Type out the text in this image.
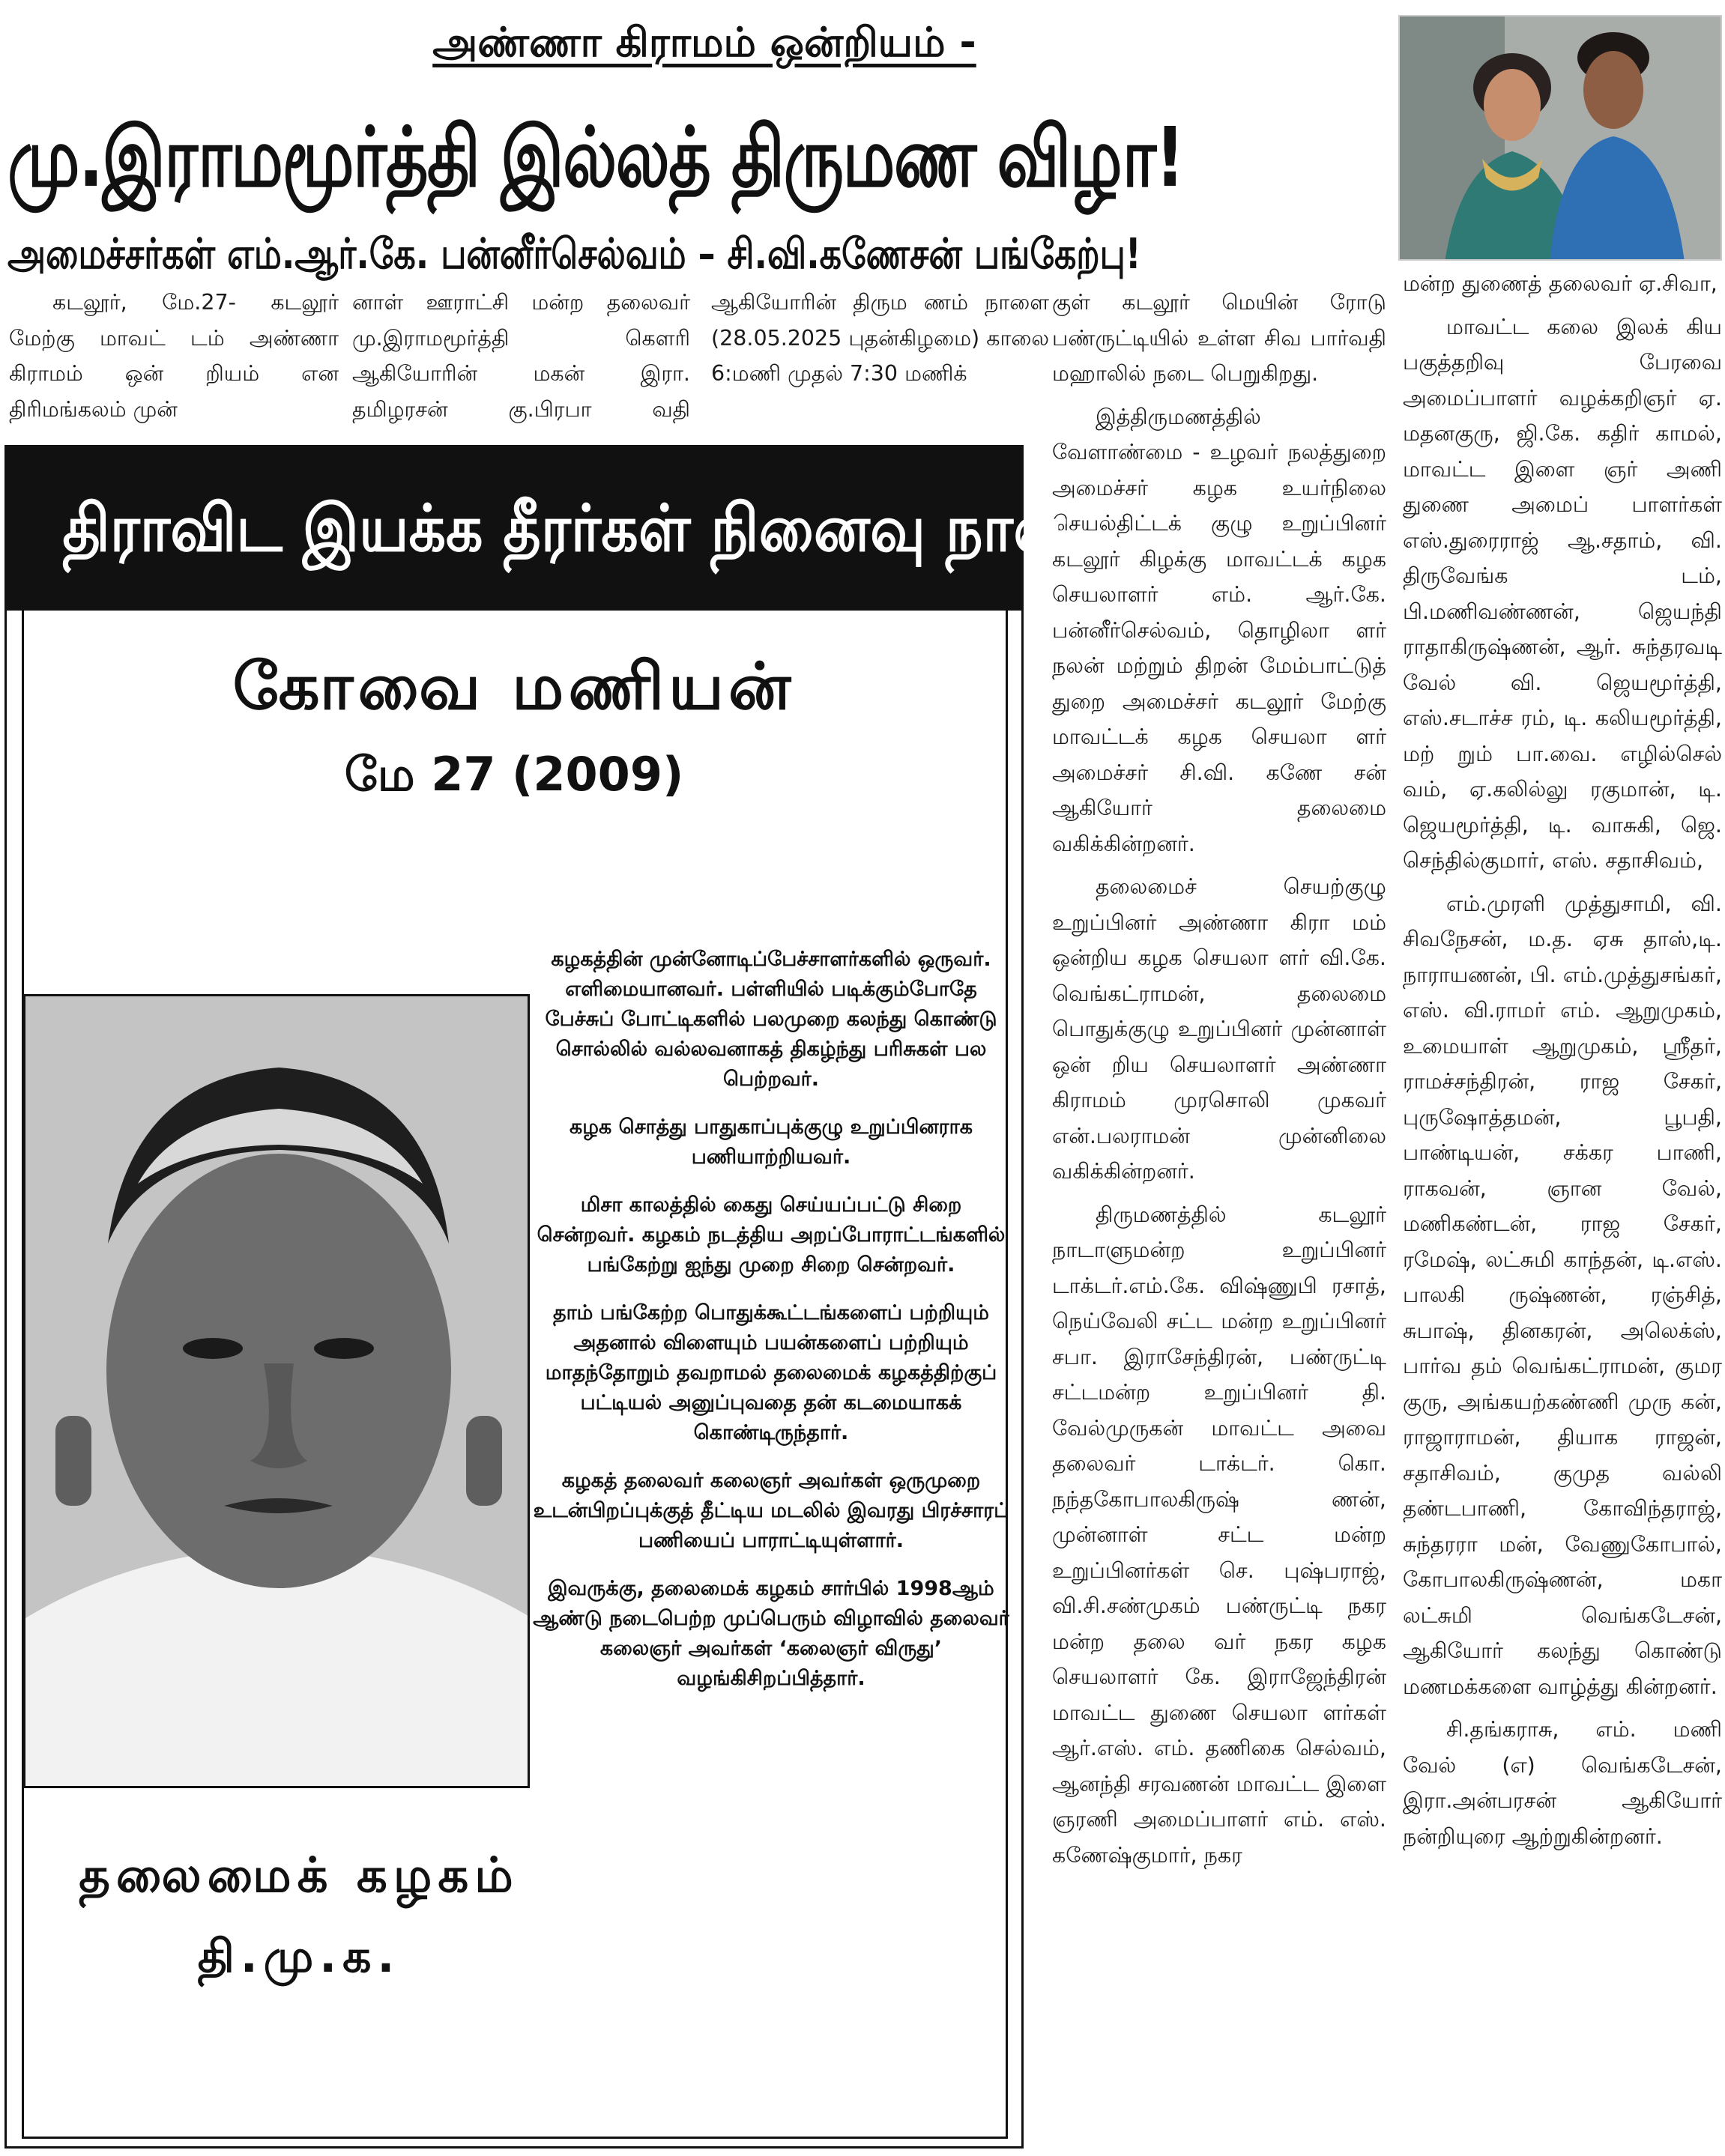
அண்ணா கிராமம் ஒன்றியம் -
மு.இராமமூர்த்தி இல்லத் திருமண விழா!
அமைச்சர்கள் எம்.ஆர்.கே. பன்னீர்செல்வம் – சி.வி.கணேசன் பங்கேற்பு!

கடலூர், மே.27- கடலூர் மேற்கு மாவட் டம் அண்ணா கிராமம் ஒன் றியம் என திரிமங்கலம் முன்

னாள் ஊராட்சி மன்ற தலைவர் மு.இராமமூர்த்தி கௌரி ஆகியோரின் மகன் இரா. தமிழரசன் கு.பிரபா வதி ஆகியோரின் திரும ணம் நாளை (28.05.2025 புதன்கிழமை) காலை 6:மணி முதல் 7:30 மணிக்

குள் கடலூர் மெயின் ரோடு பண்ருட்டியில் உள்ள சிவ பார்வதி மஹாலில் நடை பெறுகிறது.

இத்திருமணத்தில் வேளாண்மை - உழவர் நலத்துறை அமைச்சர் கழக உயர்நிலை செயல்திட்டக் குழு உறுப்பினர் கடலூர் கிழக்கு மாவட்டக் கழக செயலாளர் எம். ஆர்.கே. பன்னீர்செல்வம், தொழிலா ளர் நலன் மற்றும் திறன் மேம்பாட்டுத் துறை அமைச்சர் கடலூர் மேற்கு மாவட்டக் கழக செயலா ளர் அமைச்சர் சி.வி. கணே சன் ஆகியோர் தலைமை வகிக்கின்றனர்.

தலைமைச் செயற்குழு உறுப்பினர் அண்ணா கிரா மம் ஒன்றிய கழக செயலா ளர் வி.கே. வெங்கட்ராமன், தலைமை பொதுக்குழு உறுப்பினர் முன்னாள் ஒன் றிய செயலாளர் அண்ணா கிராமம் முரசொலி முகவர் என்.பலராமன் முன்னிலை வகிக்கின்றனர்.

திருமணத்தில் கடலூர் நாடாளுமன்ற உறுப்பினர் டாக்டர்.எம்.கே. விஷ்ணுபி ரசாத், நெய்வேலி சட்ட மன்ற உறுப்பினர் சபா. இராசேந்திரன், பண்ருட்டி சட்டமன்ற உறுப்பினர் தி. வேல்முருகன் மாவட்ட அவை தலைவர் டாக்டர். கொ. நந்தகோபாலகிருஷ் ணன், முன்னாள் சட்ட மன்ற உறுப்பினர்கள் செ. புஷ்பராஜ், வி.சி.சண்முகம் பண்ருட்டி நகர மன்ற தலை வர் நகர கழக செயலாளர் கே. இராஜேந்திரன் மாவட்ட துணை செயலா ளர்கள் ஆர்.எஸ். எம். தணிகை செல்வம், ஆனந்தி சரவணன் மாவட்ட இளை ஞரணி அமைப்பாளர் எம். எஸ். கணேஷ்குமார், நகர

மன்ற துணைத் தலைவர் ஏ.சிவா,

மாவட்ட கலை இலக் கிய பகுத்தறிவு பேரவை அமைப்பாளர் வழக்கறிஞர் ஏ. மதனகுரு, ஜி.கே. கதிர் காமல், மாவட்ட இளை ஞர் அணி துணை அமைப் பாளர்கள் எஸ்.துரைராஜ் ஆ.சதாம், வி. திருவேங்க டம், பி.மணிவண்ணன், ஜெயந்தி ராதாகிருஷ்ணன், ஆர். சுந்தரவடி வேல் வி. ஜெயமூர்த்தி, எஸ்.சடாச்ச ரம், டி. கலியமூர்த்தி, மற் றும் பா.வை. எழில்செல் வம், ஏ.கலில்லு ரகுமான், டி. ஜெயமூர்த்தி, டி. வாசுகி, ஜெ. செந்தில்குமார், எஸ். சதாசிவம்,

எம்.முரளி முத்துசாமி, வி. சிவநேசன், ம.த. ஏசு தாஸ்,டி. நாராயணன், பி. எம்.முத்துசங்கர், எஸ். வி.ராமர் எம். ஆறுமுகம், உமையாள் ஆறுமுகம், ஸ்ரீதர், ராமச்சந்திரன், ராஜ சேகர், புருஷோத்தமன், பூபதி, பாண்டியன், சக்கர பாணி, ராகவன், ஞான வேல், மணிகண்டன், ராஜ சேகர், ரமேஷ், லட்சுமி காந்தன், டி.எஸ். பாலகி ருஷ்ணன், ரஞ்சித், சுபாஷ், தினகரன், அலெக்ஸ், பார்வ தம் வெங்கட்ராமன், குமர குரு, அங்கயற்கண்ணி முரு கன், ராஜாராமன், தியாக ராஜன், சதாசிவம், குமுத வல்லி தண்டபாணி, கோவிந்தராஜ், சுந்தரரா மன், வேணுகோபால், கோபாலகிருஷ்ணன், மகா லட்சுமி வெங்கடேசன், ஆகியோர் கலந்து கொண்டு மணமக்களை வாழ்த்து கின்றனர்.

சி.தங்கராசு, எம். மணி வேல் (எ) வெங்கடேசன், இரா.அன்பரசன் ஆகியோர் நன்றியுரை ஆற்றுகின்றனர்.

திராவிட இயக்க தீரர்கள் நினைவு நாள்
கோவை மணியன்
மே 27 (2009)

கழகத்தின் முன்னோடிப்பேச்சாளர்களில் ஒருவர். எளிமையானவர். பள்ளியில் படிக்கும்போதே பேச்சுப் போட்டிகளில் பலமுறை கலந்து கொண்டு சொல்லில் வல்லவனாகத் திகழ்ந்து பரிசுகள் பல பெற்றவர்.

கழக சொத்து பாதுகாப்புக்குழு உறுப்பினராக பணியாற்றியவர்.

மிசா காலத்தில் கைது செய்யப்பட்டு சிறை சென்றவர். கழகம் நடத்திய அறப்போராட்டங்களில் பங்கேற்று ஐந்து முறை சிறை சென்றவர்.

தாம் பங்கேற்ற பொதுக்கூட்டங்களைப் பற்றியும் அதனால் விளையும் பயன்களைப் பற்றியும் மாதந்தோறும் தவறாமல் தலைமைக் கழகத்திற்குப் பட்டியல் அனுப்புவதை தன் கடமையாகக் கொண்டிருந்தார்.

கழகத் தலைவர் கலைஞர் அவர்கள் ஒருமுறை உடன்பிறப்புக்குத் தீட்டிய மடலில் இவரது பிரச்சாரப் பணியைப் பாராட்டியுள்ளார்.

இவருக்கு, தலைமைக் கழகம் சார்பில் 1998ஆம் ஆண்டு நடைபெற்ற முப்பெரும் விழாவில் தலைவர் கலைஞர் அவர்கள் ‘கலைஞர் விருது’ வழங்கிசிறப்பித்தார்.

தலைமைக் கழகம்
தி.மு.க.
